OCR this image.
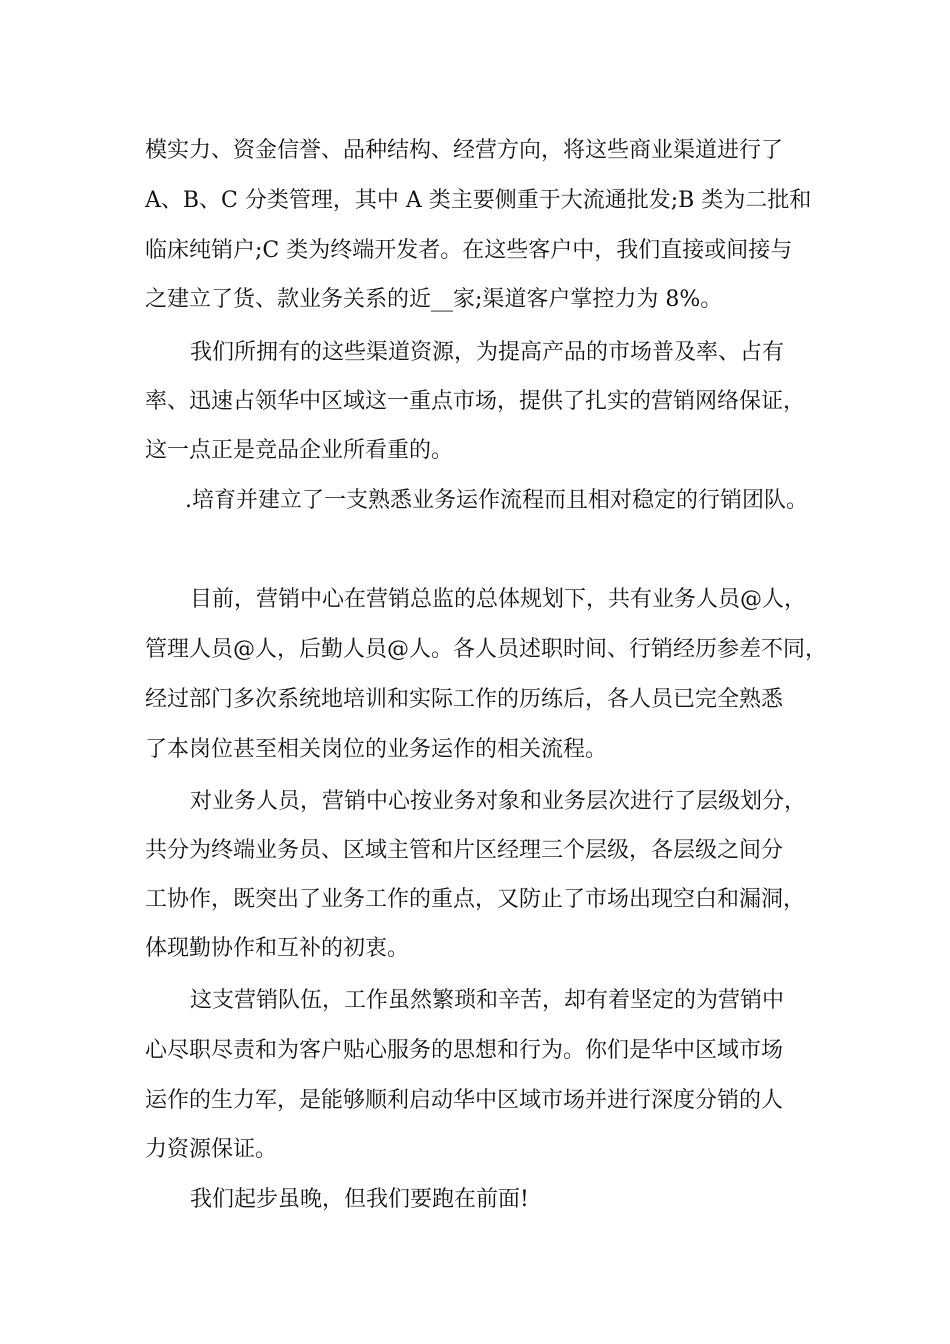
模实力、资金信誉、品种结构、经营方向，将这些商业渠道进行了
A、B、C 分类管理，其中 A 类主要侧重于大流通批发;B 类为二批和
临床纯销户;C 类为终端开发者。在这些客户中，我们直接或间接与
之建立了货、款业务关系的近__家;渠道客户掌控力为 8%。
我们所拥有的这些渠道资源，为提高产品的市场普及率、占有
率、迅速占领华中区域这一重点市场，提供了扎实的营销网络保证，
这一点正是竞品企业所看重的。
.培育并建立了一支熟悉业务运作流程而且相对稳定的行销团队。
目前，营销中心在营销总监的总体规划下，共有业务人员@人，
管理人员@人，后勤人员@人。各人员述职时间、行销经历参差不同，
经过部门多次系统地培训和实际工作的历练后，各人员已完全熟悉
了本岗位甚至相关岗位的业务运作的相关流程。
对业务人员，营销中心按业务对象和业务层次进行了层级划分，
共分为终端业务员、区域主管和片区经理三个层级，各层级之间分
工协作，既突出了业务工作的重点，又防止了市场出现空白和漏洞，
体现勤协作和互补的初衷。
这支营销队伍，工作虽然繁琐和辛苦，却有着坚定的为营销中
心尽职尽责和为客户贴心服务的思想和行为。你们是华中区域市场
运作的生力军，是能够顺利启动华中区域市场并进行深度分销的人
力资源保证。
我们起步虽晚，但我们要跑在前面!
